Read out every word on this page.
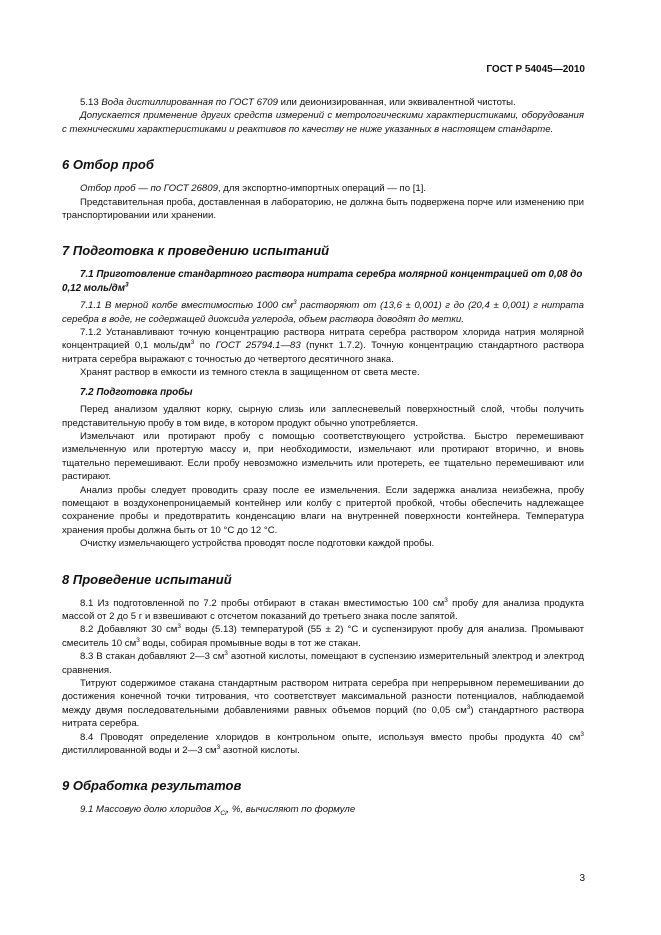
ГОСТ Р 54045—2010

5.13 Вода дистиллированная по ГОСТ 6709 или деионизированная, или эквивалентной чистоты.

Допускается применение других средств измерений с метрологическими характеристиками, оборудования с техническими характеристиками и реактивов по качеству не ниже указанных в настоящем стандарте.

6 Отбор проб

Отбор проб — по ГОСТ 26809, для экспортно-импортных операций — по [1].

Представительная проба, доставленная в лабораторию, не должна быть подвержена порче или изменению при транспортировании или хранении.

7 Подготовка к проведению испытаний
7.1 Приготовление стандартного раствора нитрата серебра молярной концентрацией от 0,08 до 0,12 моль/$дм^3$

7.1.1 В мерной колбе вместимостью 1000 $см^3$ растворяют от (13,6 ± 0,001) г до (20,4 ± 0,001) г нитрата серебра в воде, не содержащей диоксида углерода, объем раствора доводят до метки.

7.1.2 Устанавливают точную концентрацию раствора нитрата серебра раствором хлорида натрия молярной концентрацией 0,1 моль/$дм^3$ по ГОСТ 25794.1—83 (пункт 1.7.2). Точную концентрацию стандартного раствора нитрата серебра выражают с точностью до четвертого десятичного знака.

Хранят раствор в емкости из темного стекла в защищенном от света месте.

7.2 Подготовка пробы

Перед анализом удаляют корку, сырную слизь или заплесневелый поверхностный слой, чтобы получить представительную пробу в том виде, в котором продукт обычно употребляется.

Измельчают или протирают пробу с помощью соответствующего устройства. Быстро перемешивают измельченную или протертую массу и, при необходимости, измельчают или протирают вторично, и вновь тщательно перемешивают. Если пробу невозможно измельчить или протереть, ее тщательно перемешивают или растирают.

Анализ пробы следует проводить сразу после ее измельчения. Если задержка анализа неизбежна, пробу помещают в воздухонепроницаемый контейнер или колбу с притертой пробкой, чтобы обеспечить надлежащее сохранение пробы и предотвратить конденсацию влаги на внутренней поверхности контейнера. Температура хранения пробы должна быть от 10 °С до 12 °С.

Очистку измельчающего устройства проводят после подготовки каждой пробы.

8 Проведение испытаний

8.1 Из подготовленной по 7.2 пробы отбирают в стакан вместимостью 100 $см^3$ пробу для анализа продукта массой от 2 до 5 г и взвешивают с отсчетом показаний до третьего знака после запятой.

8.2 Добавляют 30 $см^3$ воды (5.13) температурой (55 ± 2) °С и суспензируют пробу для анализа. Промывают смеситель 10 $см^3$ воды, собирая промывные воды в тот же стакан.

8.3 В стакан добавляют 2—3 $см^3$ азотной кислоты, помещают в суспензию измерительный электрод и электрод сравнения.

Титруют содержимое стакана стандартным раствором нитрата серебра при непрерывном перемешивании до достижения конечной точки титрования, что соответствует максимальной разности потенциалов, наблюдаемой между двумя последовательными добавлениями равных объемов порций (по 0,05 $см^3$) стандартного раствора нитрата серебра.

8.4 Проводят определение хлоридов в контрольном опыте, используя вместо пробы продукта 40 $см^3$ дистиллированной воды и 2—3 $см^3$ азотной кислоты.

9 Обработка результатов

9.1 Массовую долю хлоридов $X_{Cl}$, %, вычисляют по формуле

3
